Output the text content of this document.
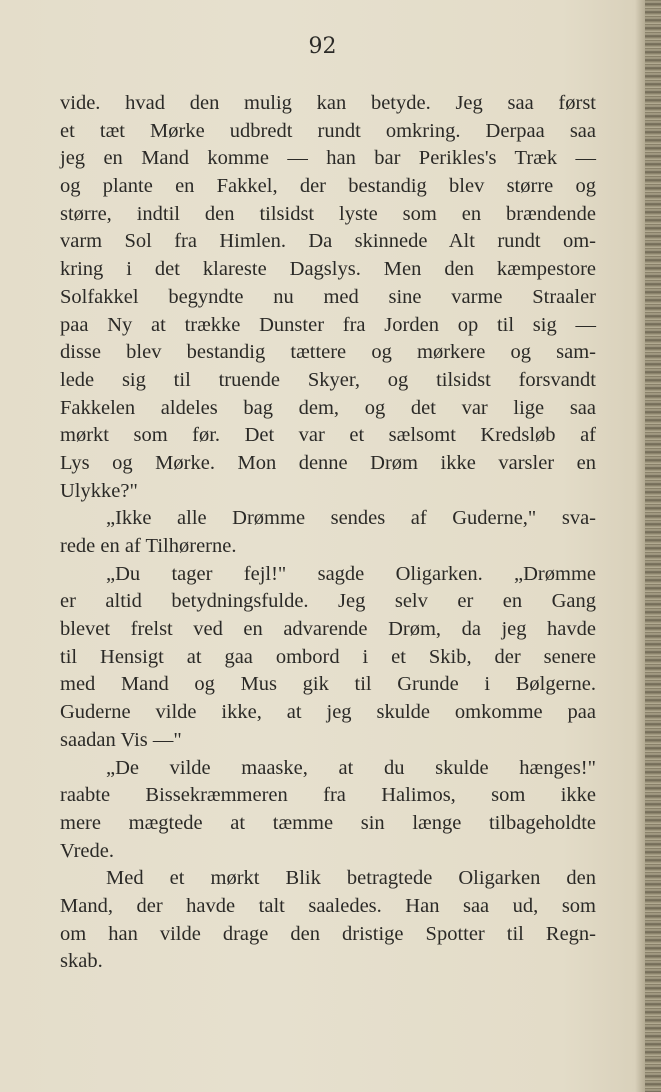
92
vide. hvad den mulig kan betyde. Jeg saa først
et tæt Mørke udbredt rundt omkring. Derpaa saa
jeg en Mand komme — han bar Perikles's Træk —
og plante en Fakkel, der bestandig blev større og
større, indtil den tilsidst lyste som en brændende
varm Sol fra Himlen. Da skinnede Alt rundt om-
kring i det klareste Dagslys. Men den kæmpestore
Solfakkel begyndte nu med sine varme Straaler
paa Ny at trække Dunster fra Jorden op til sig —
disse blev bestandig tættere og mørkere og sam-
lede sig til truende Skyer, og tilsidst forsvandt
Fakkelen aldeles bag dem, og det var lige saa
mørkt som før. Det var et sælsomt Kredsløb af
Lys og Mørke. Mon denne Drøm ikke varsler en
Ulykke?"
„Ikke alle Drømme sendes af Guderne," sva-
rede en af Tilhørerne.
„Du tager fejl!" sagde Oligarken. „Drømme
er altid betydningsfulde. Jeg selv er en Gang
blevet frelst ved en advarende Drøm, da jeg havde
til Hensigt at gaa ombord i et Skib, der senere
med Mand og Mus gik til Grunde i Bølgerne.
Guderne vilde ikke, at jeg skulde omkomme paa
saadan Vis —"
„De vilde maaske, at du skulde hænges!"
raabte Bissekræmmeren fra Halimos, som ikke
mere mægtede at tæmme sin længe tilbageholdte
Vrede.
Med et mørkt Blik betragtede Oligarken den
Mand, der havde talt saaledes. Han saa ud, som
om han vilde drage den dristige Spotter til Regn-
skab.
